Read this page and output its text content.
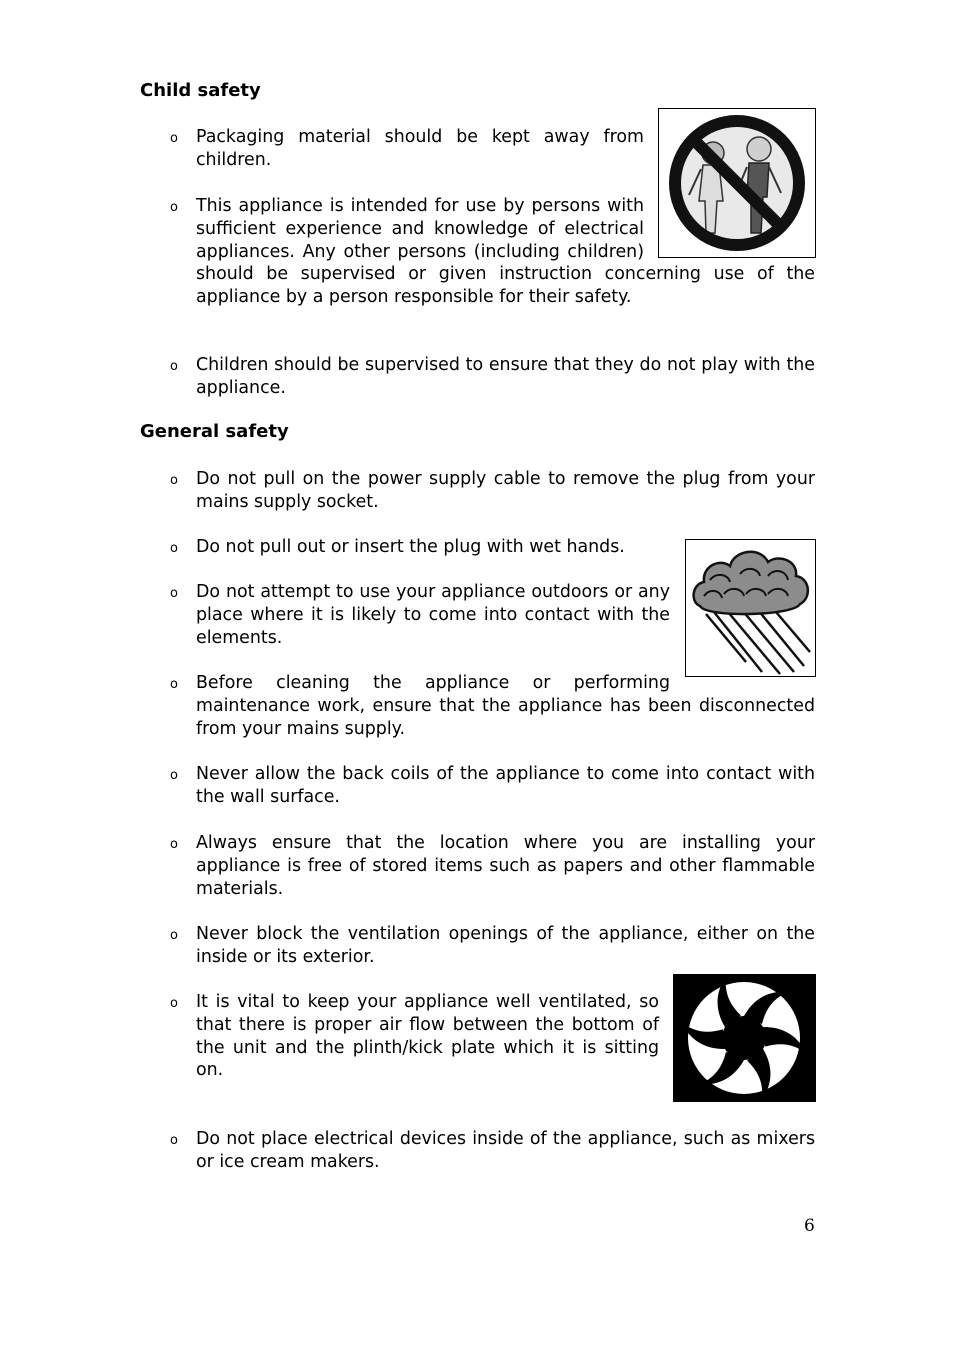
Child safety
o Packaging material should be kept away from children.

o This appliance is intended for use by persons with sufficient experience and knowledge of electrical appliances. Any other persons (including children) should be supervised or given instruction concerning use of the appliance by a person responsible for their safety.

o Children should be supervised to ensure that they do not play with the appliance.

General safety
o Do not pull on the power supply cable to remove the plug from your mains supply socket.

o Do not pull out or insert the plug with wet hands.

o Do not attempt to use your appliance outdoors or any place where it is likely to come into contact with the elements.

o Before cleaning the appliance or performing maintenance work, ensure that the appliance has been disconnected from your mains supply.

o Never allow the back coils of the appliance to come into contact with the wall surface.

o Always ensure that the location where you are installing your appliance is free of stored items such as papers and other flammable materials.

o Never block the ventilation openings of the appliance, either on the inside or its exterior.

o It is vital to keep your appliance well ventilated, so that there is proper air flow between the bottom of the unit and the plinth/kick plate which it is sitting on.

o Do not place electrical devices inside of the appliance, such as mixers or ice cream makers.

6
